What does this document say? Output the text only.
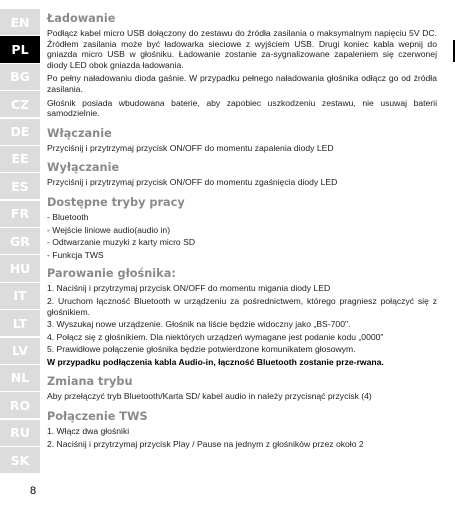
EN
PL
BG
CZ
DE
EE
ES
FR
GR
HU
IT
LT
LV
NL
RO
RU
SK
8
Ładowanie
Podłącz kabel micro USB dołączony do zestawu do źródła zasilania o maksymalnym napięciu 5V DC. Źródłem zasilania może być ładowarka sieciowe z wyjściem USB. Drugi koniec kabla wepnij do gniazda micro USB w głośniku. Ładowanie zostanie za-sygnalizowane zapaleniem się czerwonej diody LED obok gniazda ładowania.
Po pełny naładowaniu dioda gaśnie. W przypadku pełnego naładowania głośnika odłącz go od źródła zasilania.
Głośnik posiada wbudowana baterie, aby zapobiec uszkodzeniu zestawu, nie usuwaj baterii samodzielnie.
Włączanie
Przyciśnij i przytrzymaj przycisk ON/OFF do momentu zapalenia diody LED
Wyłączanie
Przyciśnij i przytrzymaj przycisk ON/OFF do momentu zgaśnięcia diody LED
Dostępne tryby pracy
- Bluetooth
- Wejście liniowe audio(audio in)
- Odtwarzanie muzyki z karty micro SD
- Funkcja TWS
Parowanie głośnika:
1. Naciśnij i przytrzymaj przycisk ON/OFF do momentu migania diody LED
2. Uruchom łączność Bluetooth w urządzeniu za pośrednictwem, którego pragniesz połączyć się z głośnikiem.
3. Wyszukaj nowe urządzenie. Głośnik na liście będzie widoczny jako „BS-700".
4. Połącz się z głośnikiem. Dla niektórych urządzeń wymagane jest podanie kodu „0000"
5. Prawidłowe połączenie głośnika będzie potwierdzone komunikatem głosowym.
W przypadku podłączenia kabla Audio-in, łączność Bluetooth zostanie prze-rwana.
Zmiana trybu
Aby przełączyć tryb Bluetooth/Karta SD/ kabel audio in należy przycisnąć przycisk (4)
Połączenie TWS
1. Włącz dwa głośniki
2. Naciśnij i przytrzymaj przycisk Play / Pause na jednym z głośników przez około 2
